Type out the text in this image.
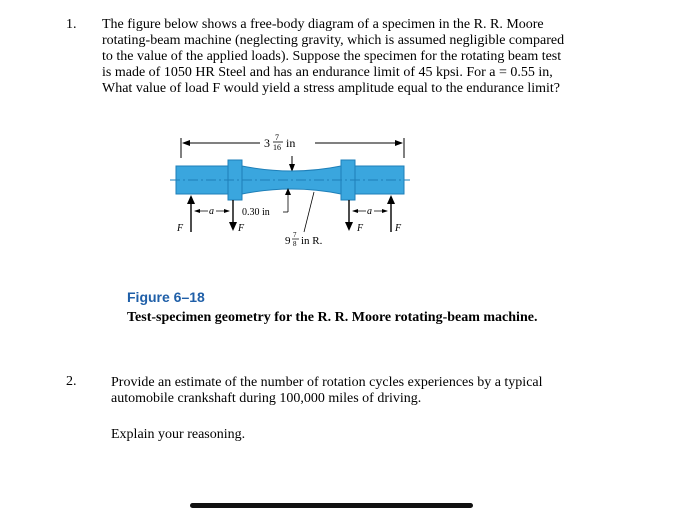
1. The figure below shows a free-body diagram of a specimen in the R. R. Moore
rotating-beam machine (neglecting gravity, which is assumed negligible compared
to the value of the applied loads). Suppose the specimen for the rotating beam test
is made of 1050 HR Steel and has an endurance limit of 45 kpsi. For a = 0.55 in,
What value of load F would yield a stress amplitude equal to the endurance limit?
3 7
16 in
a	a
0.30 in
9 7
8 in R.
F	F	F	F
Figure 6–18
Test-specimen geometry for the R. R. Moore rotating-beam machine.
2. Provide an estimate of the number of rotation cycles experiences by a typical
automobile crankshaft during 100,000 miles of driving.
Explain your reasoning.
